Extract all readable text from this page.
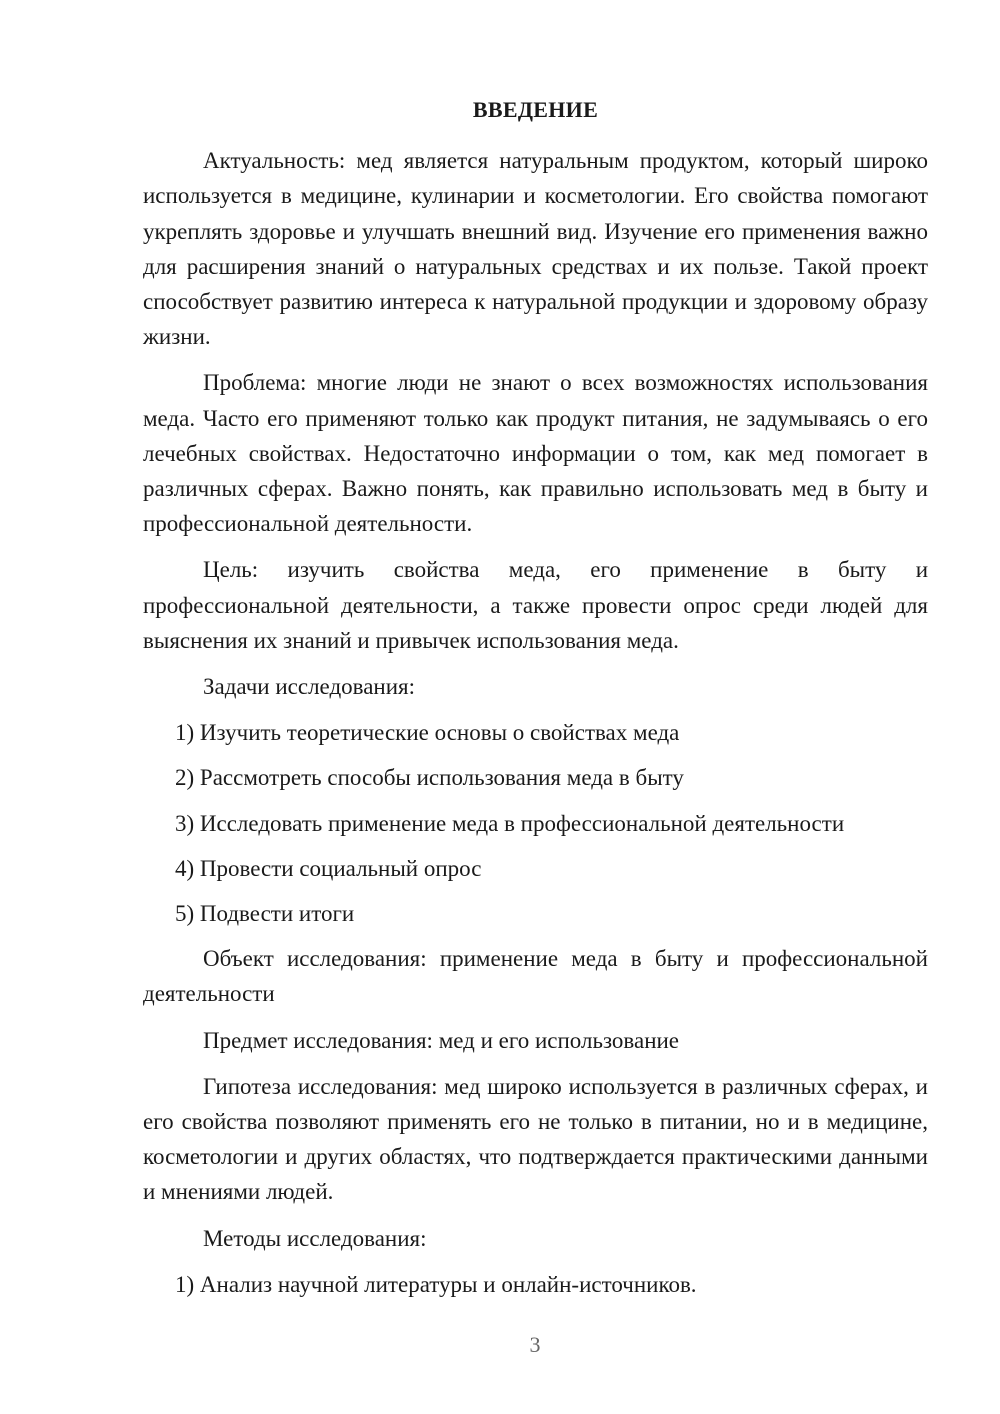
ВВЕДЕНИЕ

Актуальность: мед является натуральным продуктом, который широко используется в медицине, кулинарии и косметологии. Его свойства помогают укреплять здоровье и улучшать внешний вид. Изучение его применения важно для расширения знаний о натуральных средствах и их пользе. Такой проект способствует развитию интереса к натуральной продукции и здоровому образу жизни.

Проблема: многие люди не знают о всех возможностях использования меда. Часто его применяют только как продукт питания, не задумываясь о его лечебных свойствах. Недостаточно информации о том, как мед помогает в различных сферах. Важно понять, как правильно использовать мед в быту и профессиональной деятельности.

Цель: изучить свойства меда, его применение в быту и профессиональной деятельности, а также провести опрос среди людей для выяснения их знаний и привычек использования меда.

Задачи исследования:

1) Изучить теоретические основы о свойствах меда
2) Рассмотреть способы использования меда в быту
3) Исследовать применение меда в профессиональной деятельности
4) Провести социальный опрос
5) Подвести итоги

Объект исследования: применение меда в быту и профессиональной деятельности

Предмет исследования: мед и его использование

Гипотеза исследования: мед широко используется в различных сферах, и его свойства позволяют применять его не только в питании, но и в медицине, косметологии и других областях, что подтверждается практическими данными и мнениями людей.

Методы исследования:

1) Анализ научной литературы и онлайн-источников.
3
